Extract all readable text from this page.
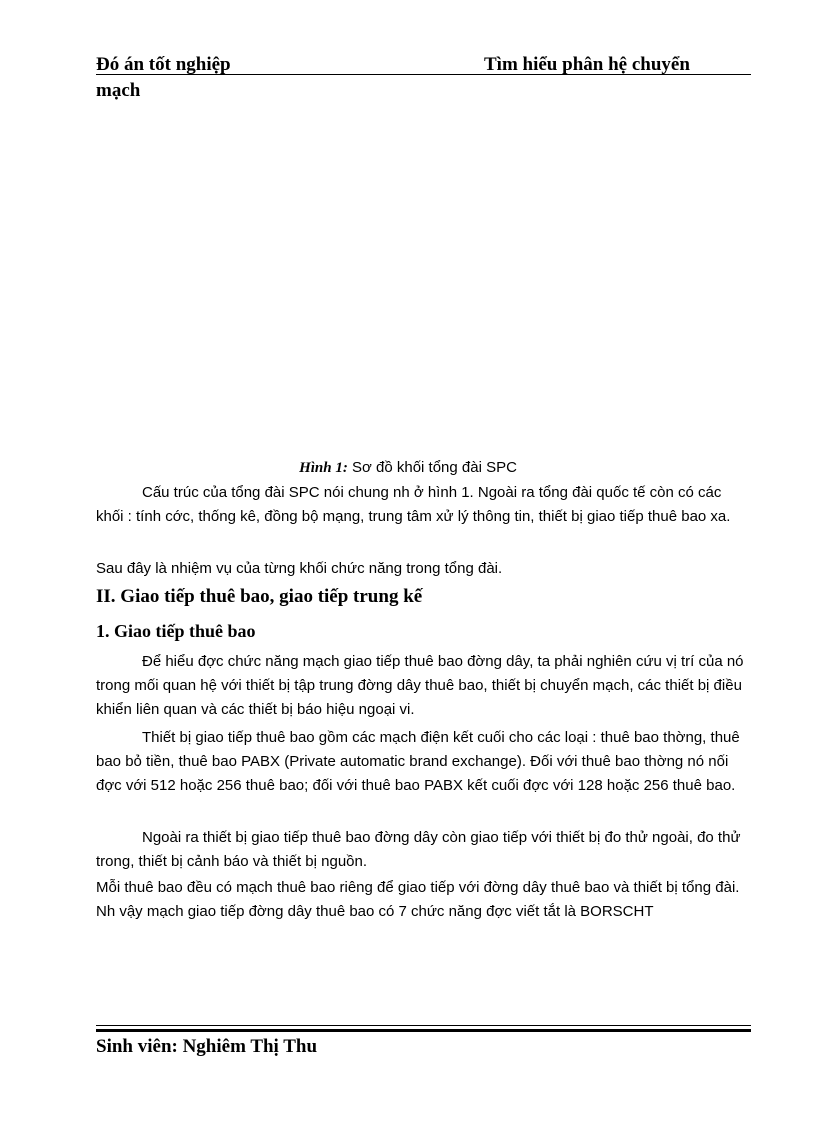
Đó án tốt nghiệp	Tìm hiểu phân hệ chuyển
mạch
Hình 1: Sơ đồ khối tổng đài SPC

Cấu trúc của tổng đài SPC nói chung nh ở hình 1. Ngoài ra tổng đài quốc tế còn có các khối : tính cớc, thống kê, đồng bộ mạng, trung tâm xử lý thông tin, thiết bị giao tiếp thuê bao xa.

Sau đây là nhiệm vụ của từng khối chức năng trong tổng đài.

II. Giao tiếp thuê bao, giao tiếp trung kế
1. Giao tiếp thuê bao

Để hiểu đợc chức năng mạch giao tiếp thuê bao đờng dây, ta phải nghiên cứu vị trí của nó trong mối quan hệ với thiết bị tập trung đờng dây thuê bao, thiết bị chuyển mạch, các thiết bị điều khiển liên quan và các thiết bị báo hiệu ngoại vi.

Thiết bị giao tiếp thuê bao gồm các mạch điện kết cuối cho các loại : thuê bao thờng, thuê bao bỏ tiền, thuê bao PABX (Private automatic brand exchange). Đối với thuê bao thờng nó nối đợc với 512 hoặc 256 thuê bao; đối với thuê bao PABX kết cuối đợc với 128 hoặc 256 thuê bao.

Ngoài ra thiết bị giao tiếp thuê bao đờng dây còn giao tiếp với thiết bị đo thử ngoài, đo thử trong, thiết bị cảnh báo và thiết bị nguồn.

Mỗi thuê bao đều có mạch thuê bao riêng để giao tiếp với đờng dây thuê bao và thiết bị tổng đài. Nh vậy mạch giao tiếp đờng dây thuê bao có 7 chức năng đợc viết tắt là BORSCHT

Sinh viên: Nghiêm Thị Thu
